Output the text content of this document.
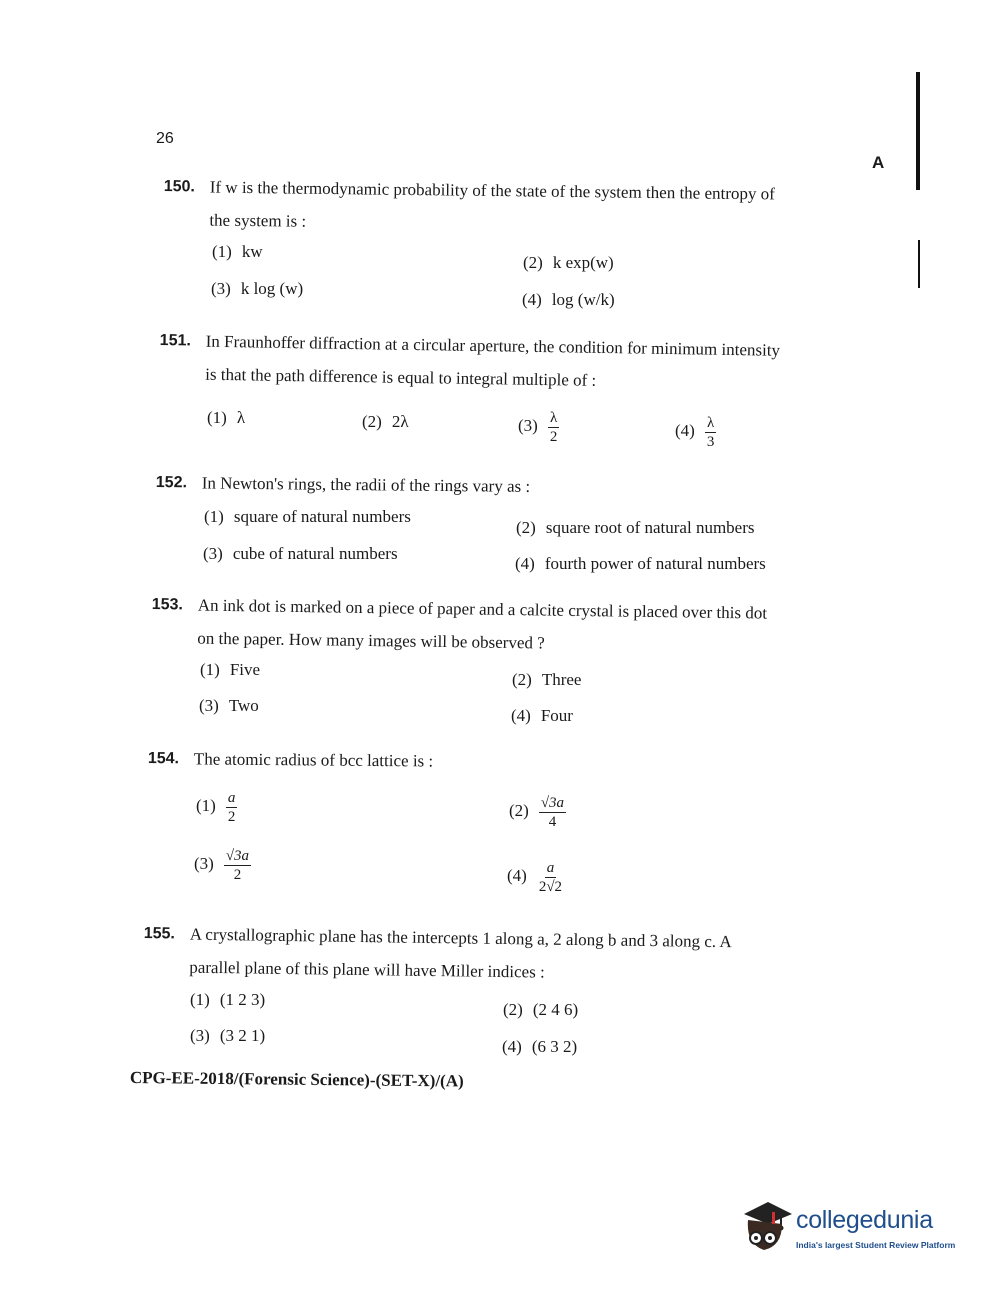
26
A
150. If w is the thermodynamic probability of the state of the system then the entropy of
the system is :
(1) kw
(2) k exp(w)
(3) k log (w)
(4) log (w/k)
151. In Fraunhoffer diffraction at a circular aperture, the condition for minimum intensity
is that the path difference is equal to integral multiple of :
(1) λ	(2) 2λ	$(3) \frac{\lambda}{2}$	$(4) \frac{\lambda}{3}$
152. In Newton's rings, the radii of the rings vary as :
(1) square of natural numbers
(2) square root of natural numbers
(3) cube of natural numbers
(4) fourth power of natural numbers
153. An ink dot is marked on a piece of paper and a calcite crystal is placed over this dot
on the paper. How many images will be observed ?
(1) Five
(2) Three
(3) Two
(4) Four
154. The atomic radius of bcc lattice is :
$(1) \frac{a}{2}$	$(2) \frac{√3a}{4}$
$(3) \frac{√3a}{2}$	$(4) \frac{a}{2√2}$
155. A crystallographic plane has the intercepts 1 along a, 2 along b and 3 along c. A
parallel plane of this plane will have Miller indices :
(1) (1 2 3)
(2) (2 4 6)
(3) (3 2 1)
(4) (6 3 2)
CPG-EE-2018/(Forensic Science)-(SET-X)/(A)
collegedunia
India's largest Student Review Platform
